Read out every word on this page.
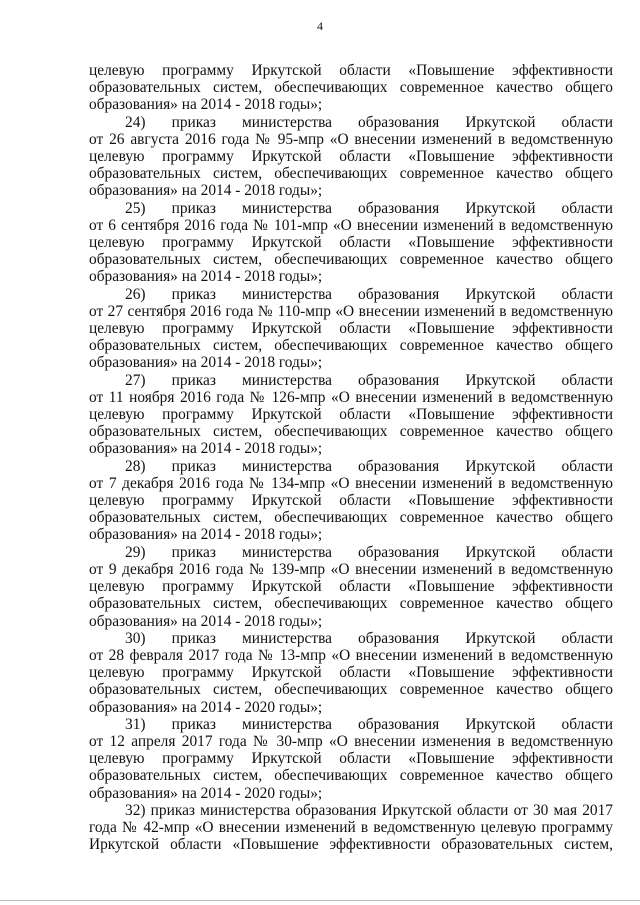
4
целевую программу Иркутской области «Повышение эффективности
образовательных систем, обеспечивающих современное качество общего
образования» на 2014 - 2018 годы»;
24) приказ министерства образования Иркутской области
от 26 августа 2016 года № 95-мпр «О внесении изменений в ведомственную
целевую программу Иркутской области «Повышение эффективности
образовательных систем, обеспечивающих современное качество общего
образования» на 2014 - 2018 годы»;
25) приказ министерства образования Иркутской области
от 6 сентября 2016 года № 101-мпр «О внесении изменений в ведомственную
целевую программу Иркутской области «Повышение эффективности
образовательных систем, обеспечивающих современное качество общего
образования» на 2014 - 2018 годы»;
26) приказ министерства образования Иркутской области
от 27 сентября 2016 года № 110-мпр «О внесении изменений в ведомственную
целевую программу Иркутской области «Повышение эффективности
образовательных систем, обеспечивающих современное качество общего
образования» на 2014 - 2018 годы»;
27) приказ министерства образования Иркутской области
от 11 ноября 2016 года № 126-мпр «О внесении изменений в ведомственную
целевую программу Иркутской области «Повышение эффективности
образовательных систем, обеспечивающих современное качество общего
образования» на 2014 - 2018 годы»;
28) приказ министерства образования Иркутской области
от 7 декабря 2016 года № 134-мпр «О внесении изменений в ведомственную
целевую программу Иркутской области «Повышение эффективности
образовательных систем, обеспечивающих современное качество общего
образования» на 2014 - 2018 годы»;
29) приказ министерства образования Иркутской области
от 9 декабря 2016 года № 139-мпр «О внесении изменений в ведомственную
целевую программу Иркутской области «Повышение эффективности
образовательных систем, обеспечивающих современное качество общего
образования» на 2014 - 2018 годы»;
30) приказ министерства образования Иркутской области
от 28 февраля 2017 года № 13-мпр «О внесении изменений в ведомственную
целевую программу Иркутской области «Повышение эффективности
образовательных систем, обеспечивающих современное качество общего
образования» на 2014 - 2020 годы»;
31) приказ министерства образования Иркутской области
от 12 апреля 2017 года № 30-мпр «О внесении изменения в ведомственную
целевую программу Иркутской области «Повышение эффективности
образовательных систем, обеспечивающих современное качество общего
образования» на 2014 - 2020 годы»;
32) приказ министерства образования Иркутской области от 30 мая 2017
года № 42-мпр «О внесении изменений в ведомственную целевую программу
Иркутской области «Повышение эффективности образовательных систем,
